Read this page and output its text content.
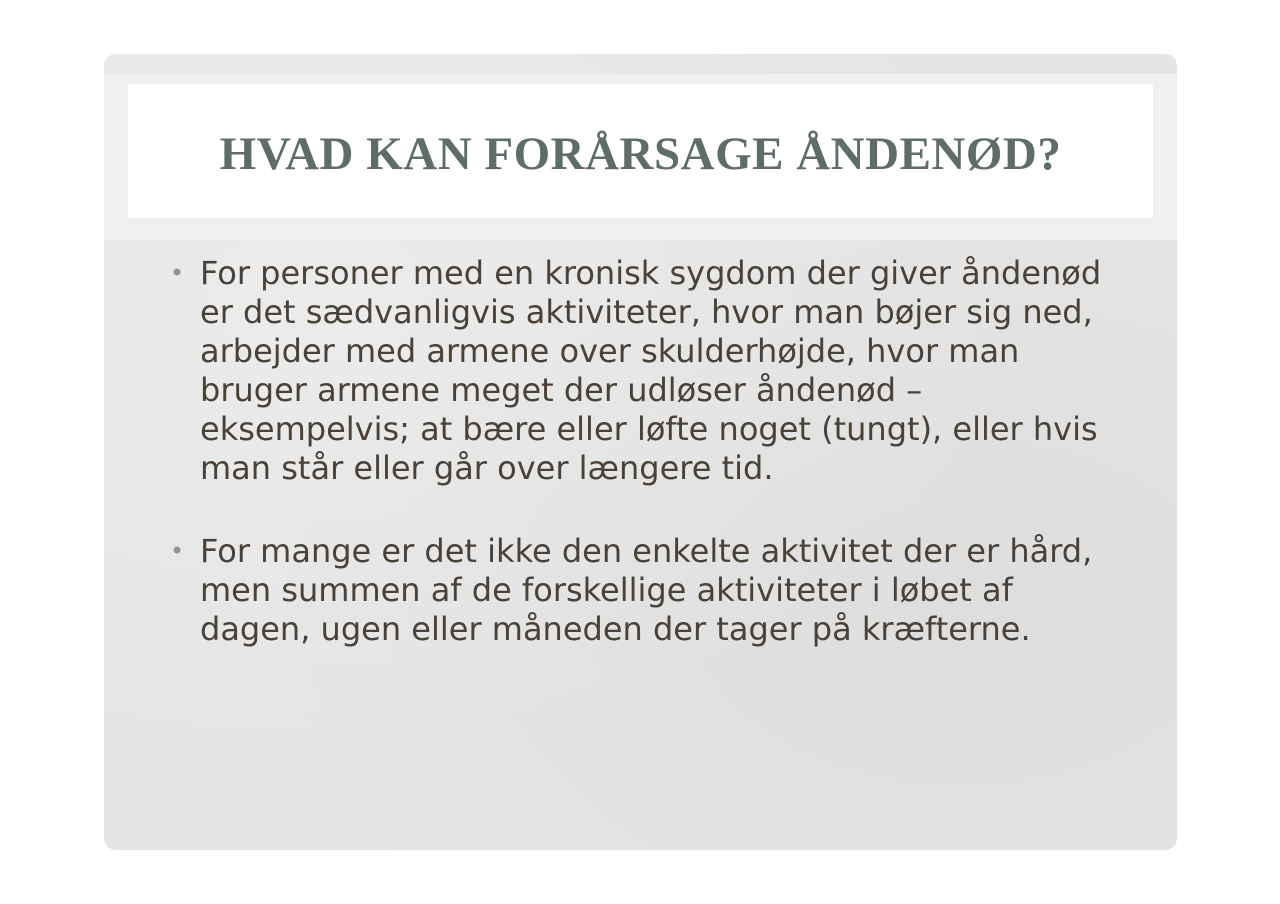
HVAD KAN FORÅRSAGE ÅNDENØD?

• For personer med en kronisk sygdom der giver åndenød er det sædvanligvis aktiviteter, hvor man bøjer sig ned, arbejder med armene over skulderhøjde, hvor man bruger armene meget der udløser åndenød – eksempelvis; at bære eller løfte noget (tungt), eller hvis man står eller går over længere tid.

• For mange er det ikke den enkelte aktivitet der er hård, men summen af de forskellige aktiviteter i løbet af dagen, ugen eller måneden der tager på kræfterne.
